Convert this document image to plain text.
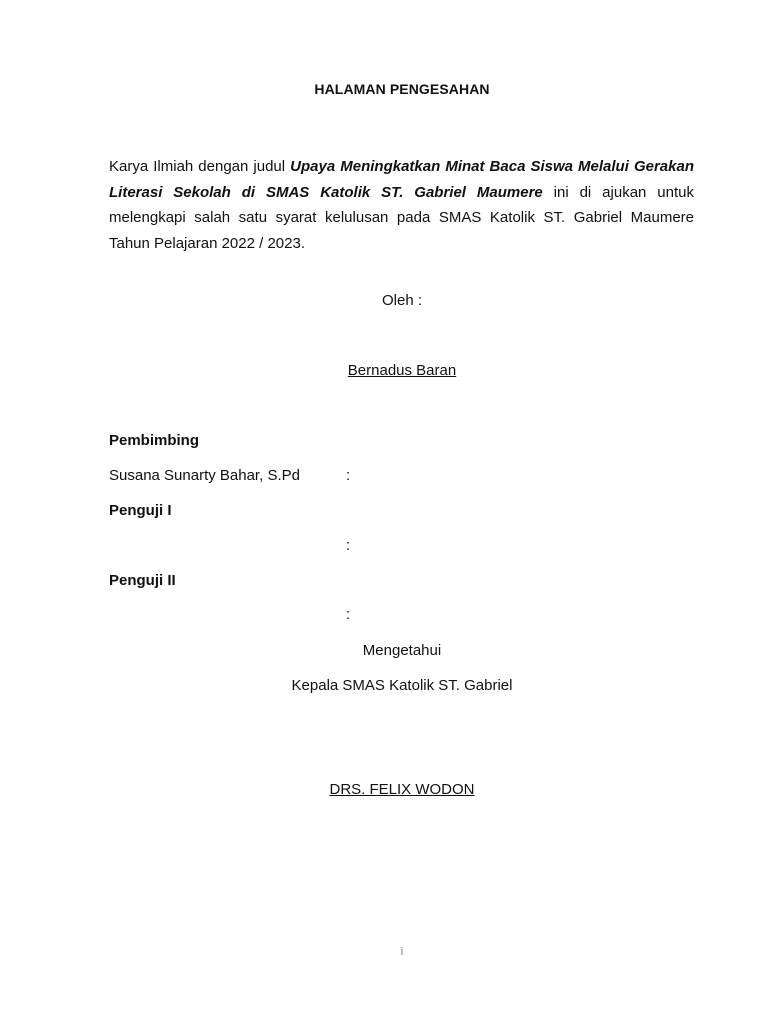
HALAMAN PENGESAHAN
Karya Ilmiah dengan judul Upaya Meningkatkan Minat Baca Siswa Melalui Gerakan Literasi Sekolah di SMAS Katolik ST. Gabriel Maumere ini di ajukan untuk melengkapi salah satu syarat kelulusan pada SMAS Katolik ST. Gabriel Maumere Tahun Pelajaran 2022 / 2023.
Oleh :
Bernadus Baran
Pembimbing
Susana Sunarty Bahar, S.Pd	:
Penguji I
:
Penguji II
:
Mengetahui
Kepala SMAS Katolik ST. Gabriel
DRS. FELIX WODON
i
